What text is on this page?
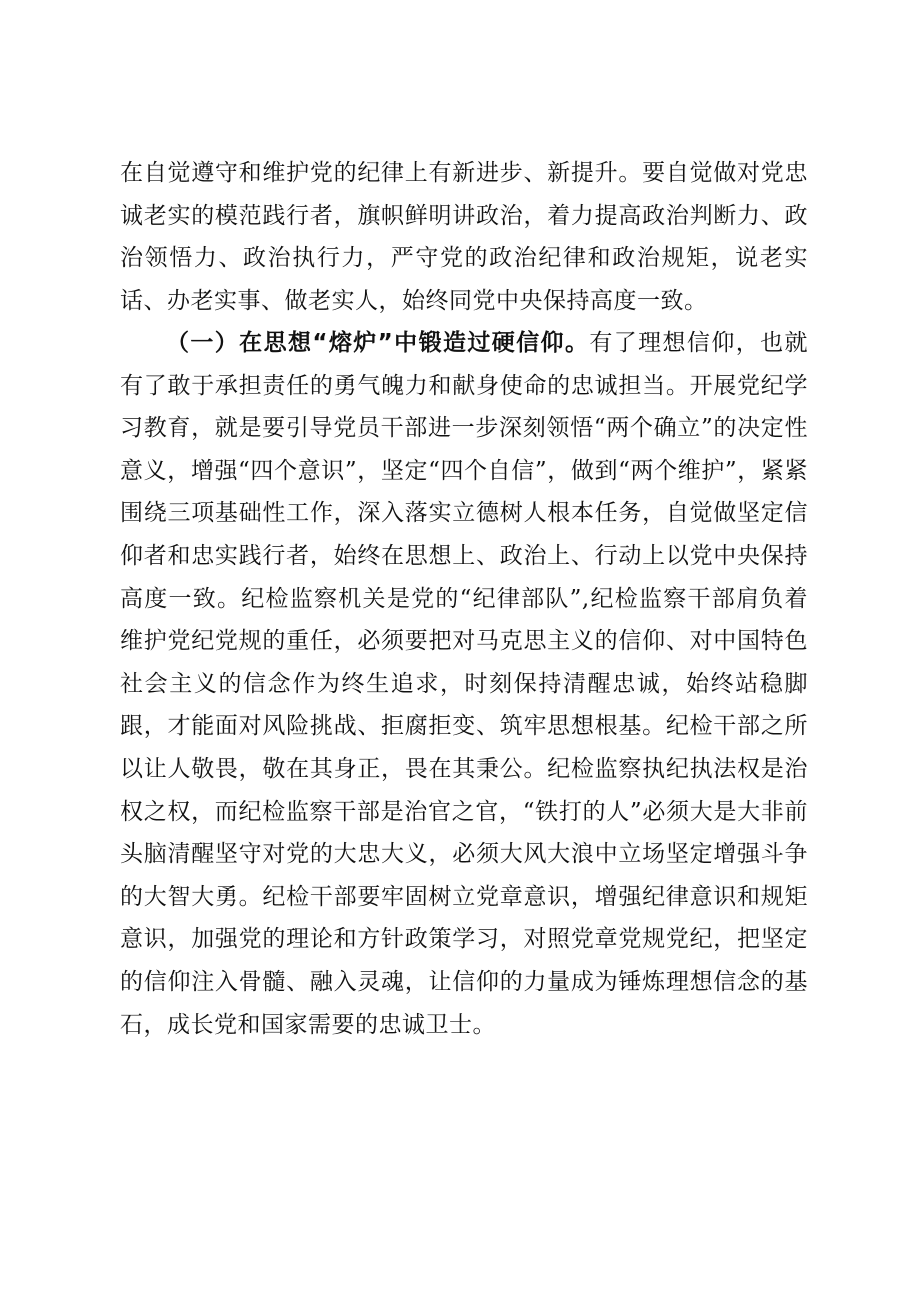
在自觉遵守和维护党的纪律上有新进步、新提升。要自觉做对党忠诚老实的模范践行者，旗帜鲜明讲政治，着力提高政治判断力、政治领悟力、政治执行力，严守党的政治纪律和政治规矩，说老实话、办老实事、做老实人，始终同党中央保持高度一致。

（一）在思想“熔炉”中锻造过硬信仰。有了理想信仰，也就有了敢于承担责任的勇气魄力和献身使命的忠诚担当。开展党纪学习教育，就是要引导党员干部进一步深刻领悟“两个确立”的决定性意义，增强“四个意识”，坚定“四个自信”，做到“两个维护”，紧紧围绕三项基础性工作，深入落实立德树人根本任务，自觉做坚定信仰者和忠实践行者，始终在思想上、政治上、行动上以党中央保持高度一致。纪检监察机关是党的“纪律部队”,纪检监察干部肩负着维护党纪党规的重任，必须要把对马克思主义的信仰、对中国特色社会主义的信念作为终生追求，时刻保持清醒忠诚，始终站稳脚跟，才能面对风险挑战、拒腐拒变、筑牢思想根基。纪检干部之所以让人敬畏，敬在其身正，畏在其秉公。纪检监察执纪执法权是治权之权，而纪检监察干部是治官之官，“铁打的人”必须大是大非前头脑清醒坚守对党的大忠大义，必须大风大浪中立场坚定增强斗争的大智大勇。纪检干部要牢固树立党章意识，增强纪律意识和规矩意识，加强党的理论和方针政策学习，对照党章党规党纪，把坚定的信仰注入骨髓、融入灵魂，让信仰的力量成为锤炼理想信念的基石，成长党和国家需要的忠诚卫士。
